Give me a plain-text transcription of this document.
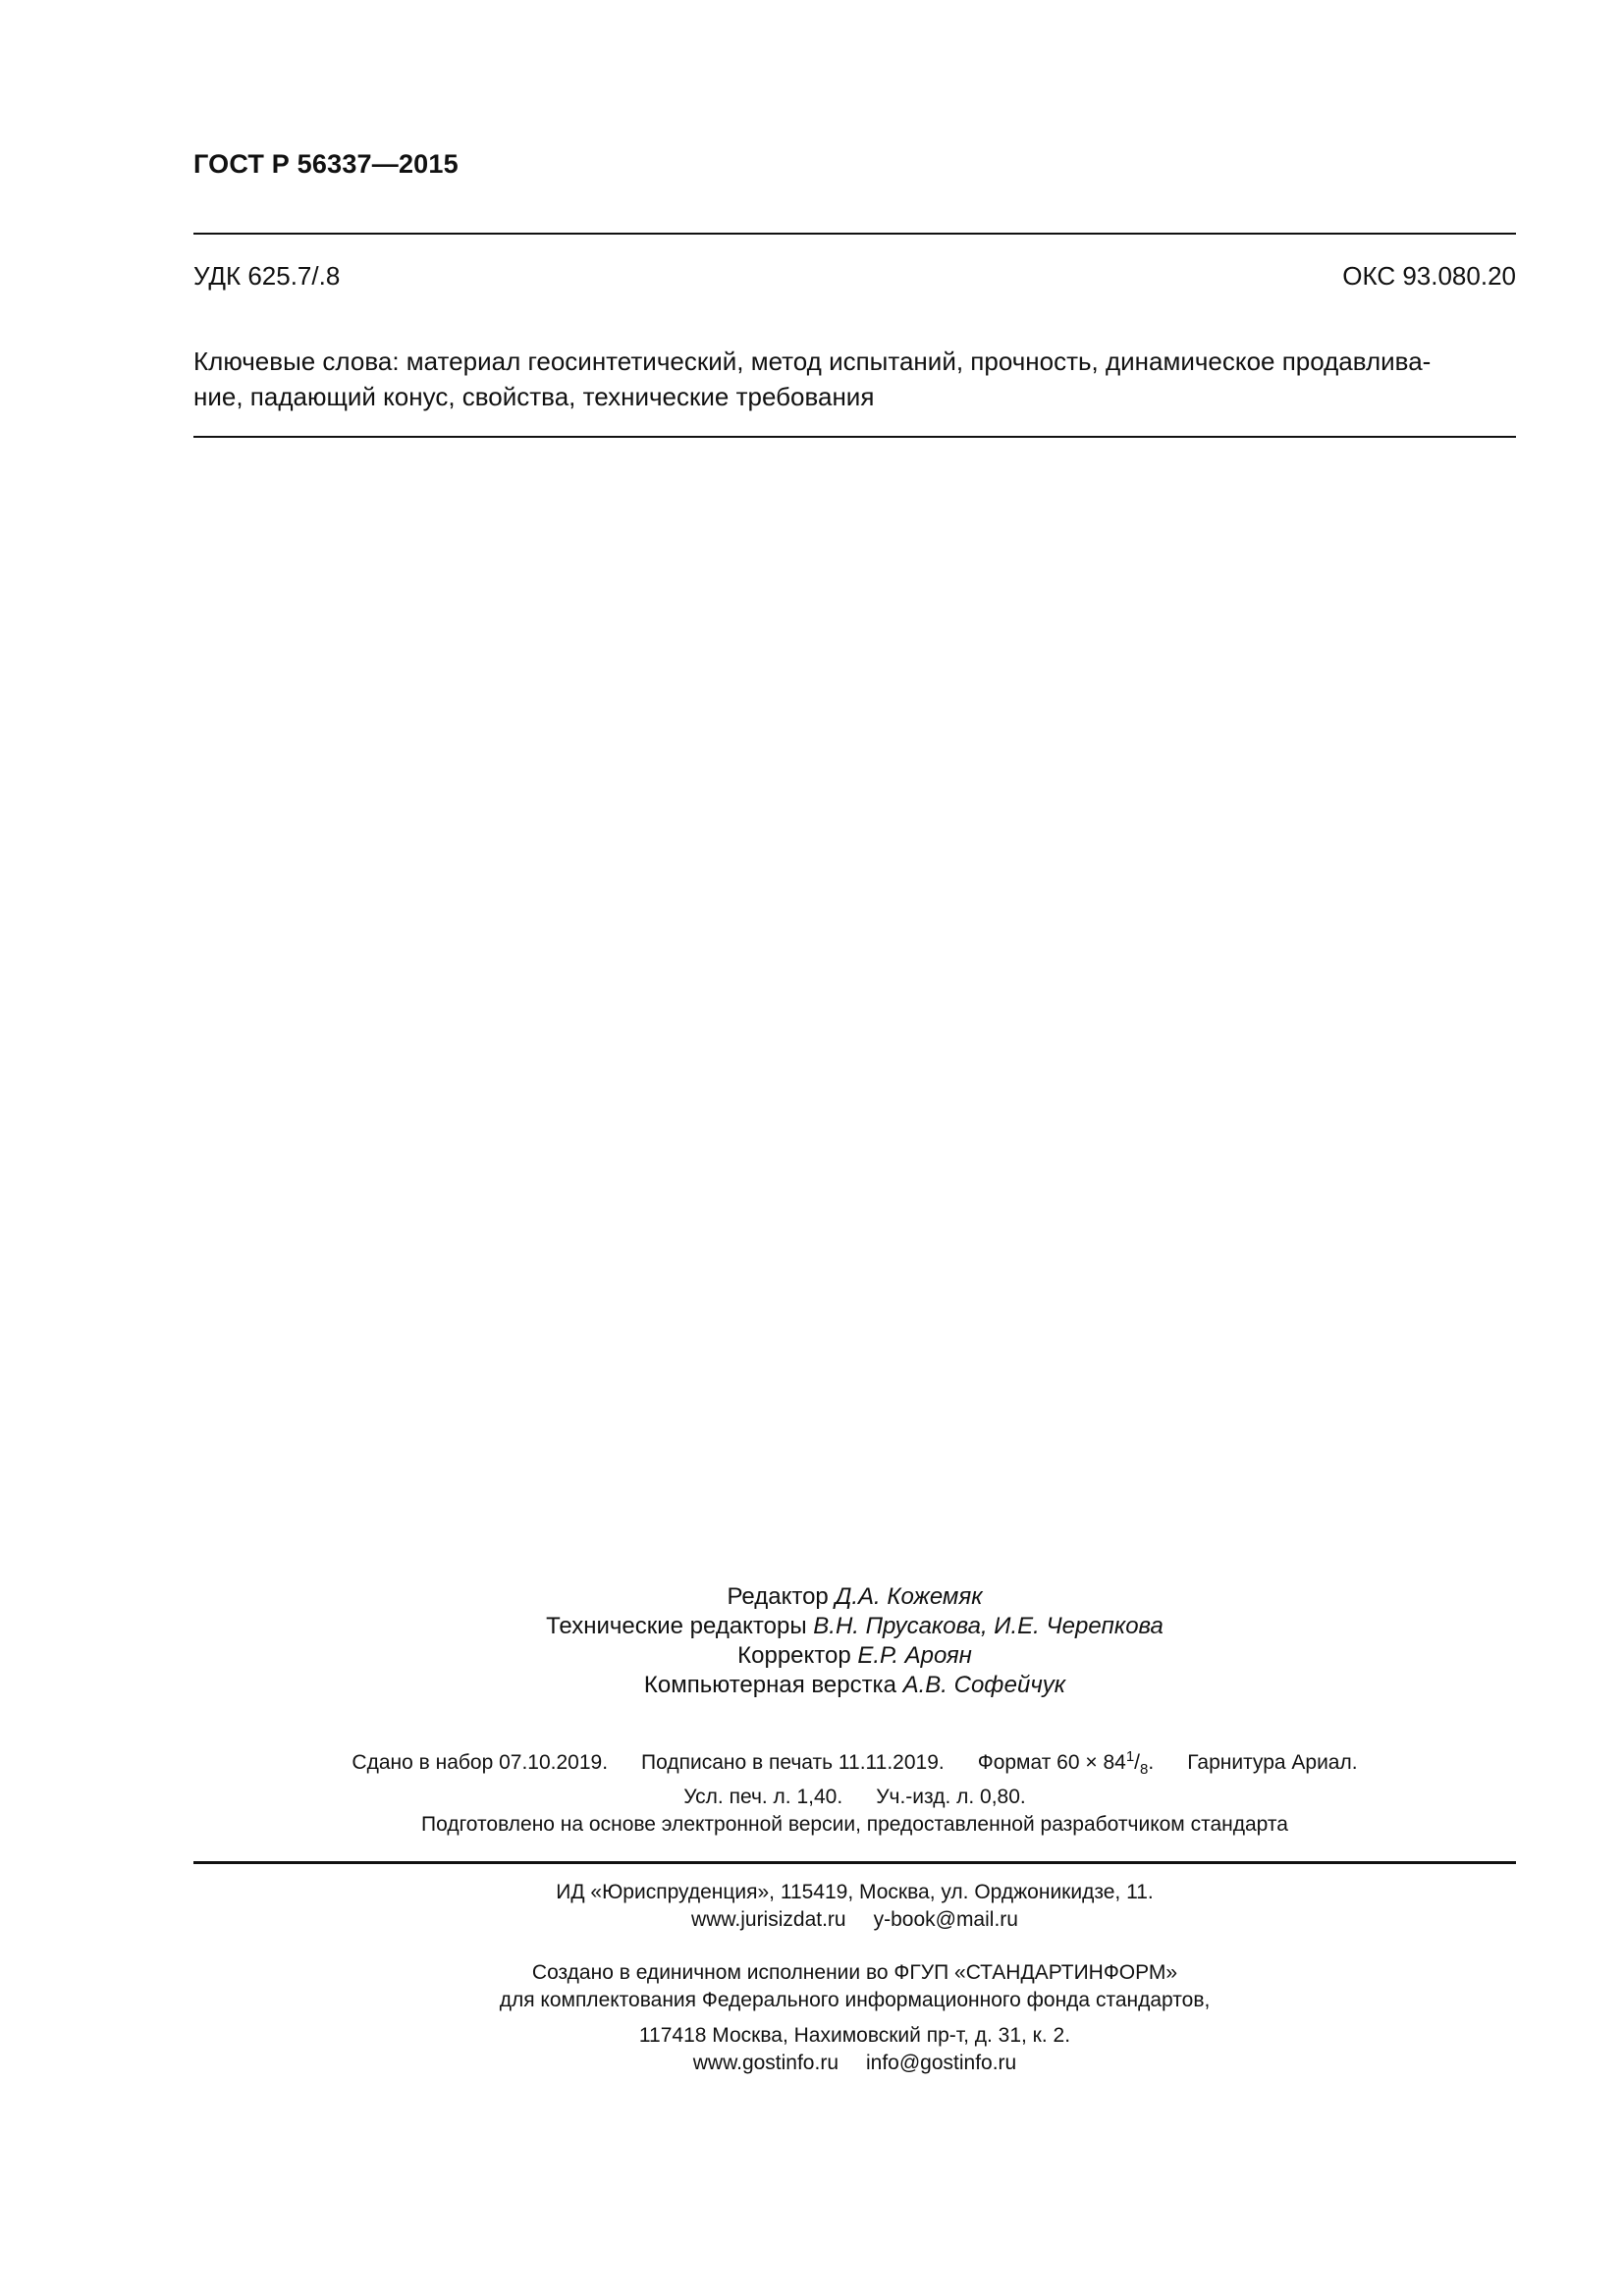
ГОСТ Р 56337—2015
УДК 625.7/.8	ОКС 93.080.20
Ключевые слова: материал геосинтетический, метод испытаний, прочность, динамическое продавлива-
ние, падающий конус, свойства, технические требования
Редактор Д.А. Кожемяк
Технические редакторы В.Н. Прусакова, И.Е. Черепкова
Корректор Е.Р. Ароян
Компьютерная верстка А.В. Софейчук
Сдано в набор 07.10.2019. Подписано в печать 11.11.2019. Формат $60 \times 84^1/_8$. Гарнитура Ариал.
Усл. печ. л. 1,40. Уч.-изд. л. 0,80.
Подготовлено на основе электронной версии, предоставленной разработчиком стандарта
ИД «Юриспруденция», 115419, Москва, ул. Орджоникидзе, 11.
www.jurisizdat.ru y-book@mail.ru
Создано в единичном исполнении во ФГУП «СТАНДАРТИНФОРМ»
для комплектования Федерального информационного фонда стандартов,
117418 Москва, Нахимовский пр-т, д. 31, к. 2.
www.gostinfo.ru info@gostinfo.ru
